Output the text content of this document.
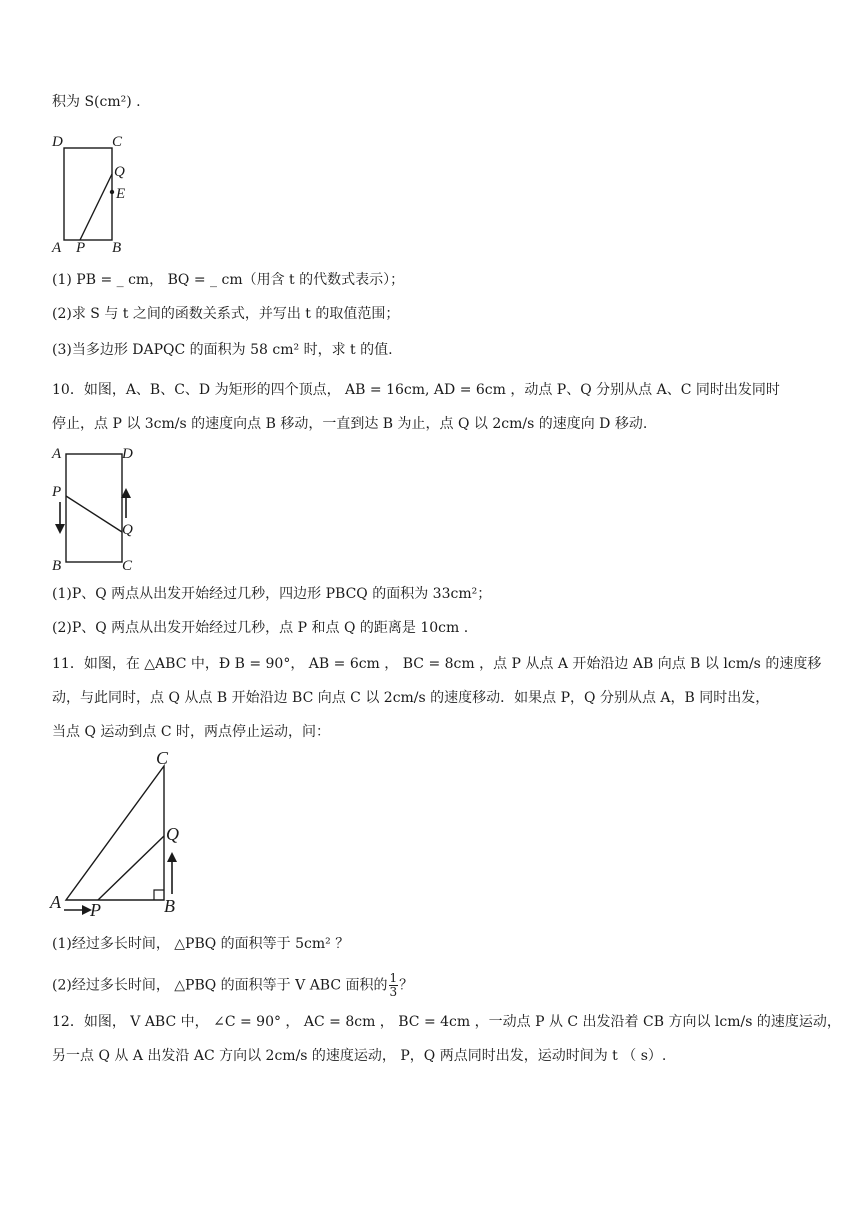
积为 S(cm²) .
D	C
Q
E
A P B
(1) PB = _ cm， BQ = _ cm（用含 t 的代数式表示）；
(2)求 S 与 t 之间的函数关系式，并写出 t 的取值范围；
(3)当多边形 DAPQC 的面积为 58 cm² 时，求 t 的值.
10．如图，A、B、C、D 为矩形的四个顶点， AB = 16cm, AD = 6cm ，动点 P、Q 分别从点 A、C 同时出发同时
停止，点 P 以 3cm/s 的速度向点 B 移动，一直到达 B 为止，点 Q 以 2cm/s 的速度向 D 移动.
A	D
P
Q
B	C
(1)P、Q 两点从出发开始经过几秒，四边形 PBCQ 的面积为 33cm²；
(2)P、Q 两点从出发开始经过几秒，点 P 和点 Q 的距离是 10cm .
11．如图，在 △ABC 中，Ð B = 90°， AB = 6cm ， BC = 8cm ，点 P 从点 A 开始沿边 AB 向点 B 以 lcm/s 的速度移
动，与此同时，点 Q 从点 B 开始沿边 BC 向点 C 以 2cm/s 的速度移动．如果点 P，Q 分别从点 A，B 同时出发，
当点 Q 运动到点 C 时，两点停止运动，问：
C
Q
A P	B
(1)经过多长时间， △PBQ 的面积等于 5cm² ？
(2)经过多长时间， △PBQ 的面积等于 V ABC 面积的 $\frac{1}{3}$ ？
12．如图， V ABC 中， ∠C = 90° ， AC = 8cm ， BC = 4cm ，一动点 P 从 C 出发沿着 CB 方向以 lcm/s 的速度运动，
另一点 Q 从 A 出发沿 AC 方向以 2cm/s 的速度运动， P，Q 两点同时出发，运动时间为 t （ s）.
